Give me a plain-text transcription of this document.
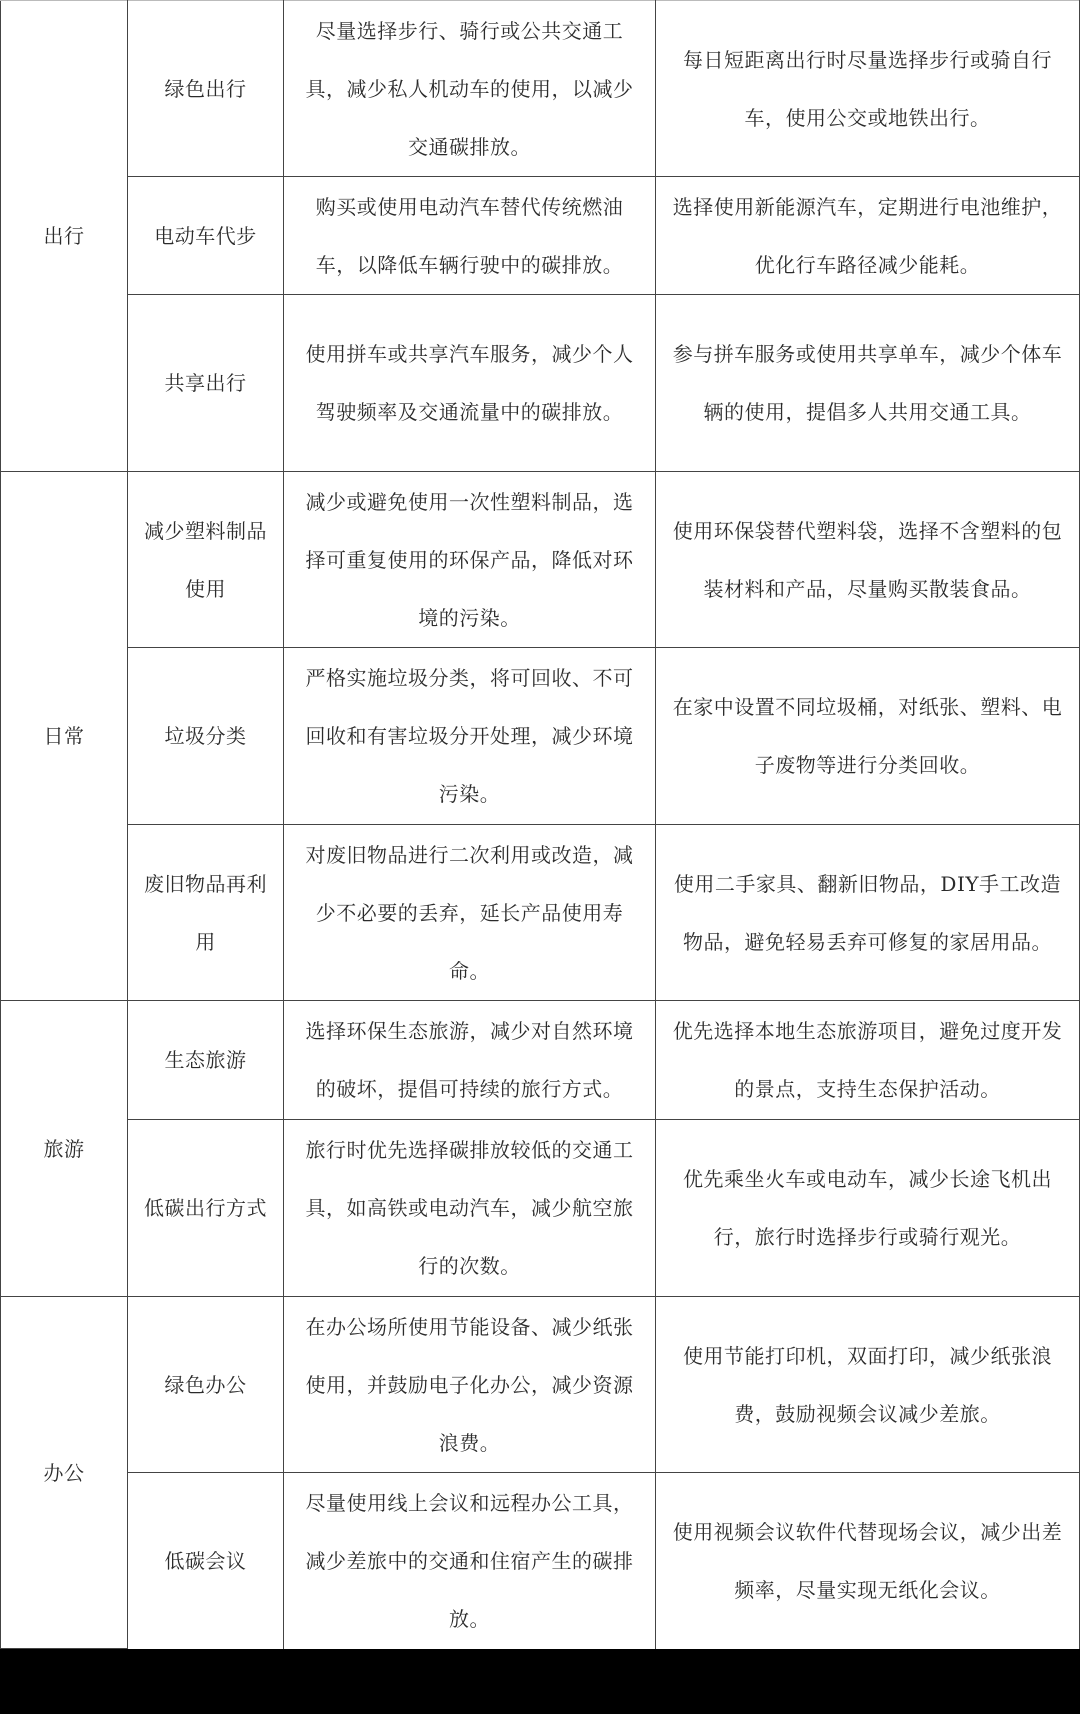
出行	绿色出行	尽量选择步行、骑行或公共交通工具，减少私人机动车的使用，以减少交通碳排放。	每日短距离出行时尽量选择步行或骑自行车，使用公交或地铁出行。
	电动车代步	购买或使用电动汽车替代传统燃油车，以降低车辆行驶中的碳排放。	选择使用新能源汽车，定期进行电池维护，优化行车路径减少能耗。
	共享出行	使用拼车或共享汽车服务，减少个人驾驶频率及交通流量中的碳排放。	参与拼车服务或使用共享单车，减少个体车辆的使用，提倡多人共用交通工具。
日常	减少塑料制品使用	减少或避免使用一次性塑料制品，选择可重复使用的环保产品，降低对环境的污染。	使用环保袋替代塑料袋，选择不含塑料的包装材料和产品，尽量购买散装食品。
	垃圾分类	严格实施垃圾分类，将可回收、不可回收和有害垃圾分开处理，减少环境污染。	在家中设置不同垃圾桶，对纸张、塑料、电子废物等进行分类回收。
	废旧物品再利用	对废旧物品进行二次利用或改造，减少不必要的丢弃，延长产品使用寿命。	使用二手家具、翻新旧物品，DIY手工改造物品，避免轻易丢弃可修复的家居用品。
旅游	生态旅游	选择环保生态旅游，减少对自然环境的破坏，提倡可持续的旅行方式。	优先选择本地生态旅游项目，避免过度开发的景点，支持生态保护活动。
	低碳出行方式	旅行时优先选择碳排放较低的交通工具，如高铁或电动汽车，减少航空旅行的次数。	优先乘坐火车或电动车，减少长途飞机出行，旅行时选择步行或骑行观光。
办公	绿色办公	在办公场所使用节能设备、减少纸张使用，并鼓励电子化办公，减少资源浪费。	使用节能打印机，双面打印，减少纸张浪费，鼓励视频会议减少差旅。
	低碳会议	尽量使用线上会议和远程办公工具，减少差旅中的交通和住宿产生的碳排放。	使用视频会议软件代替现场会议，减少出差频率，尽量实现无纸化会议。
